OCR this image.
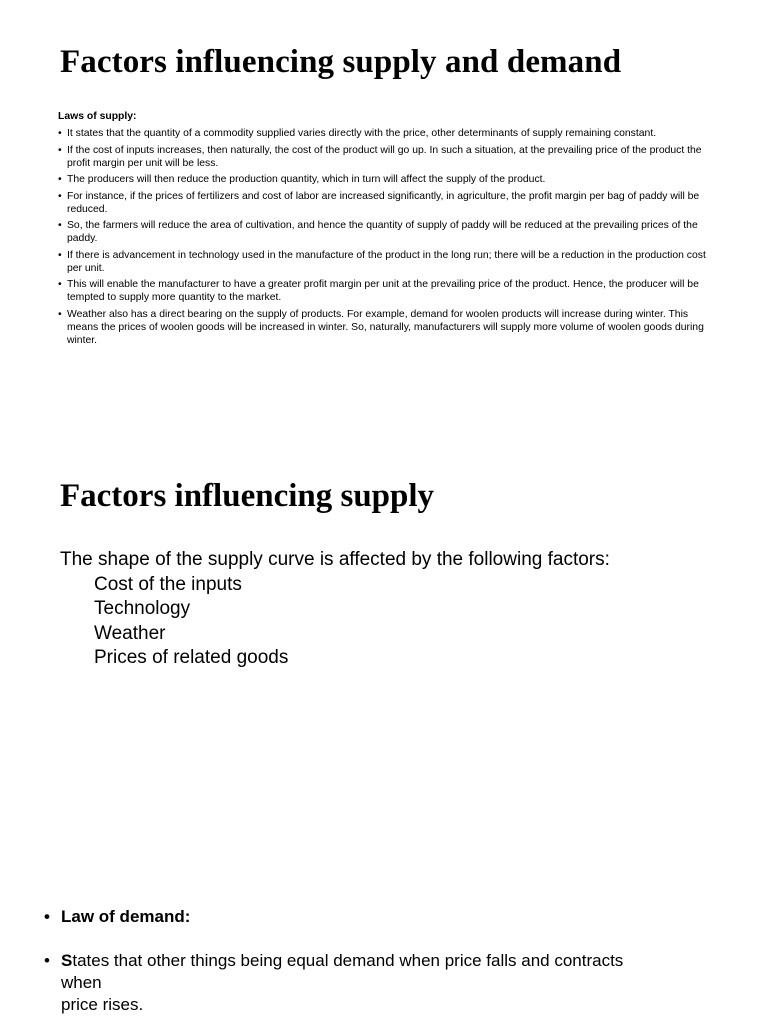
Factors influencing supply and demand

Laws of supply:

• It states that the quantity of a commodity supplied varies directly with the price, other determinants of supply remaining constant.
• If the cost of inputs increases, then naturally, the cost of the product will go up. In such a situation, at the prevailing price of the product the profit margin per unit will be less.
• The producers will then reduce the production quantity, which in turn will affect the supply of the product.
• For instance, if the prices of fertilizers and cost of labor are increased significantly, in agriculture, the profit margin per bag of paddy will be reduced.
• So, the farmers will reduce the area of cultivation, and hence the quantity of supply of paddy will be reduced at the prevailing prices of the paddy.
• If there is advancement in technology used in the manufacture of the product in the long run; there will be a reduction in the production cost per unit.
• This will enable the manufacturer to have a greater profit margin per unit at the prevailing price of the product. Hence, the producer will be tempted to supply more quantity to the market.
• Weather also has a direct bearing on the supply of products. For example, demand for woolen products will increase during winter. This means the prices of woolen goods will be increased in winter. So, naturally, manufacturers will supply more volume of woolen goods during winter.
Factors influencing supply

The shape of the supply curve is affected by the following factors:

Cost of the inputs
Technology
Weather
Prices of related goods
• Law of demand:
• States that other things being equal demand when price falls and contracts
when
price rises.
